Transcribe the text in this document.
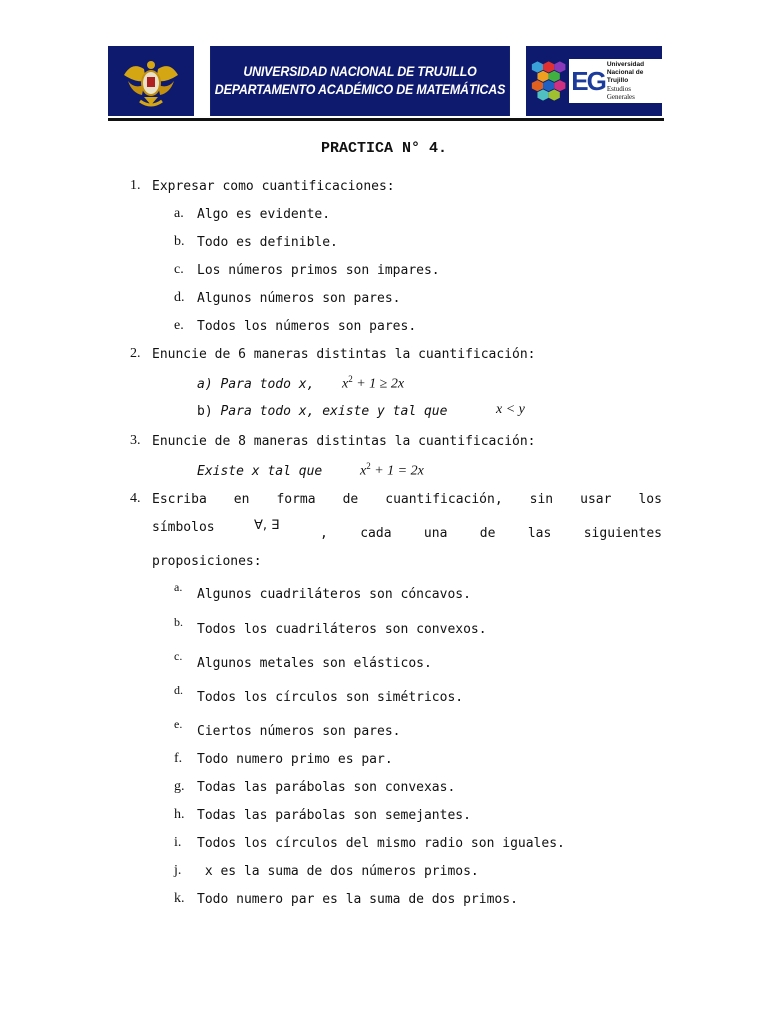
UNIVERSIDAD NACIONAL DE TRUJILLO
DEPARTAMENTO ACADÉMICO DE MATEMÁTICAS	EG
Universidad
Nacional de Trujillo
Estudios Generales
PRACTICA N° 4.
1. Expresar como cuantificaciones:
a. Algo es evidente.
b. Todo es definible.
c. Los números primos son impares.
d. Algunos números son pares.
e. Todos los números son pares.
2. Enuncie de 6 maneras distintas la cuantificación:
a) Para todo x, $x^2 + 1 \ge 2x$
b) Para todo x, existe y tal que	x < y
3. Enuncie de 8 maneras distintas la cuantificación:
Existe x tal que	$x^2 + 1 = 2x$
4. Escriba en forma de cuantificación, sin usar los
símbolos	∀, ∃
, cada una de las siguientes
proposiciones:
a. Algunos cuadriláteros son cóncavos.
b. Todos los cuadriláteros son convexos.
c. Algunos metales son elásticos.
d. Todos los círculos son simétricos.
e. Ciertos números son pares.
f. Todo numero primo es par.
g. Todas las parábolas son convexas.
h. Todas las parábolas son semejantes.
i. Todos los círculos del mismo radio son iguales.
j. x es la suma de dos números primos.
k. Todo numero par es la suma de dos primos.
